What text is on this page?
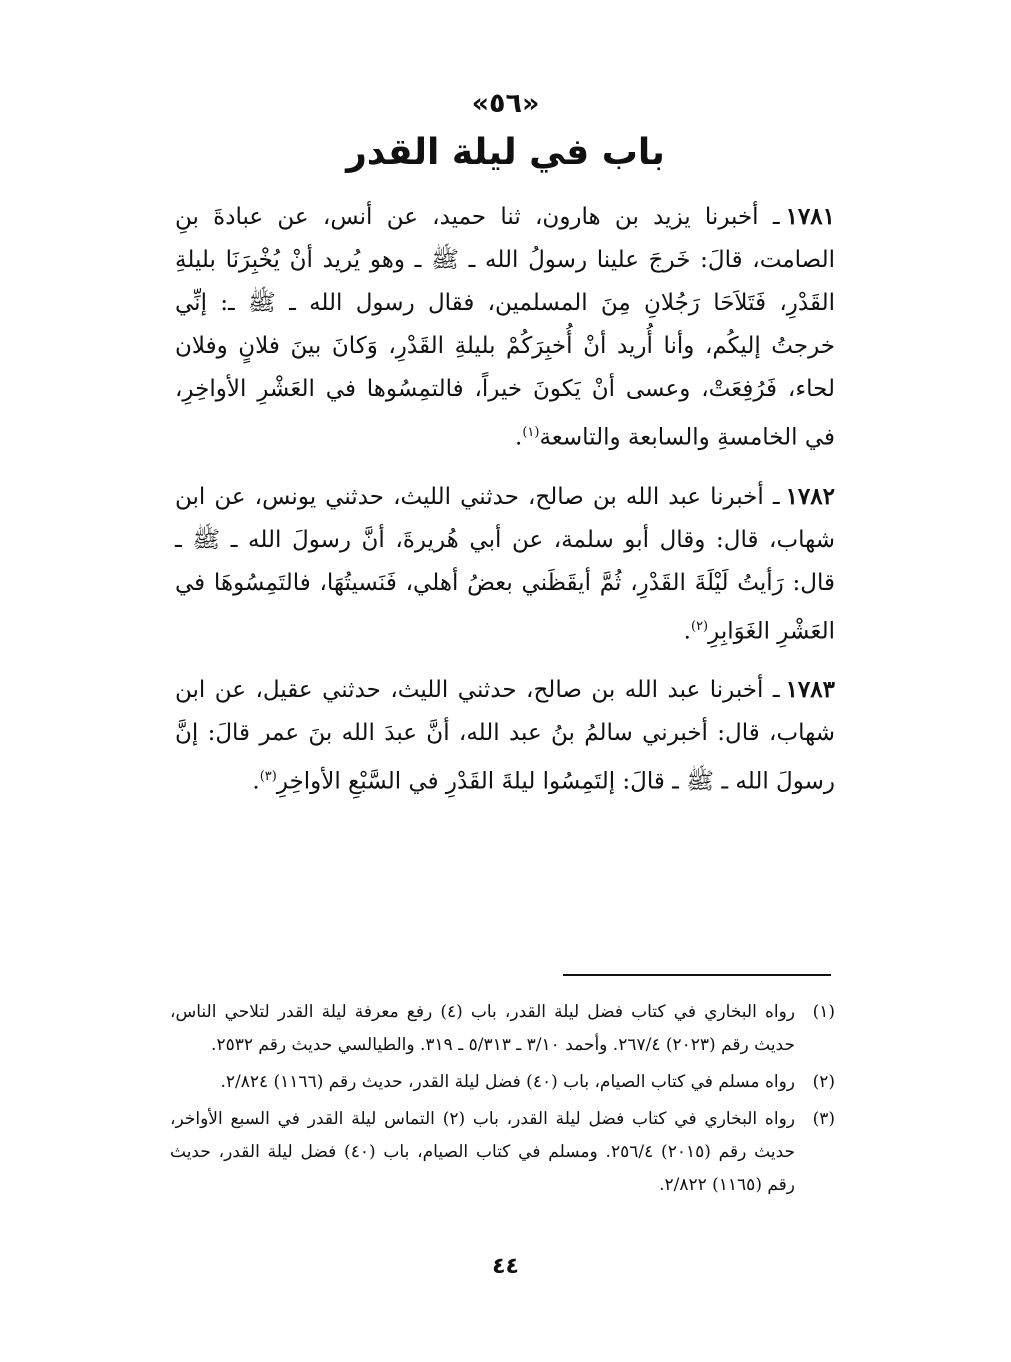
«٥٦»
باب في ليلة القدر

١٧٨١ـ أخبرنا يزيد بن هارون، ثنا حميد، عن أنس، عن عبادةَ بنِ الصامت، قالَ: خَرجَ علينا رسولُ الله ـ ﷺ ـ وهو يُريد أنْ يُخْبِرَنَا بليلةِ القَدْرِ، فَتَلاَحَا رَجُلانِ مِنَ المسلمين، فقال رسول الله ـ ﷺ ـ: إنِّي خرجتُ إليكُم، وأنا أُريد أنْ أُخبِرَكُمْ بليلةِ القَدْرِ، وَكانَ بينَ فلانٍ وفلان لحاء، فَرُفِعَتْ، وعسى أنْ يَكونَ خيراً، فالتمِسُوها في العَشْرِ الأواخِرِ، في الخامسةِ والسابعة والتاسعة$^{(١)}$.

١٧٨٢ـ أخبرنا عبد الله بن صالح، حدثني الليث، حدثني يونس، عن ابن شهاب، قال: وقال أبو سلمة، عن أبي هُريرةَ، أنَّ رسولَ الله ـ ﷺ ـ قال: رَأيتُ لَيْلَةَ القَدْرِ، ثُمَّ أيقَظَني بعضُ أهلي، فَنَسيتُهَا، فالتَمِسُوهَا في العَشْرِ الغَوَابِرِ$^{(٢)}$.

١٧٨٣ـ أخبرنا عبد الله بن صالح، حدثني الليث، حدثني عقيل، عن ابن شهاب، قال: أخبرني سالمُ بنُ عبد الله، أنَّ عبدَ الله بنَ عمر قالَ: إنَّ رسولَ الله ـ ﷺ ـ قالَ: إلتَمِسُوا ليلةَ القَدْرِ في السَّبْعِ الأواخِرِ$^{(٣)}$.

(١)
رواه البخاري في كتاب فضل ليلة القدر، باب (٤) رفع معرفة ليلة القدر لتلاحي الناس، حديث رقم (٢٠٢٣) ٢٦٧/٤. وأحمد ٣/١٠ ـ ٥/٣١٣ ـ ٣١٩. والطيالسي حديث رقم ٢٥٣٢.

(٢)
رواه مسلم في كتاب الصيام، باب (٤٠) فضل ليلة القدر، حديث رقم (١١٦٦) ٢/٨٢٤.

(٣)
رواه البخاري في كتاب فضل ليلة القدر، باب (٢) التماس ليلة القدر في السبع الأواخر، حديث رقم (٢٠١٥) ٢٥٦/٤. ومسلم في كتاب الصيام، باب (٤٠) فضل ليلة القدر، حديث رقم (١١٦٥) ٢/٨٢٢.

٤٤
